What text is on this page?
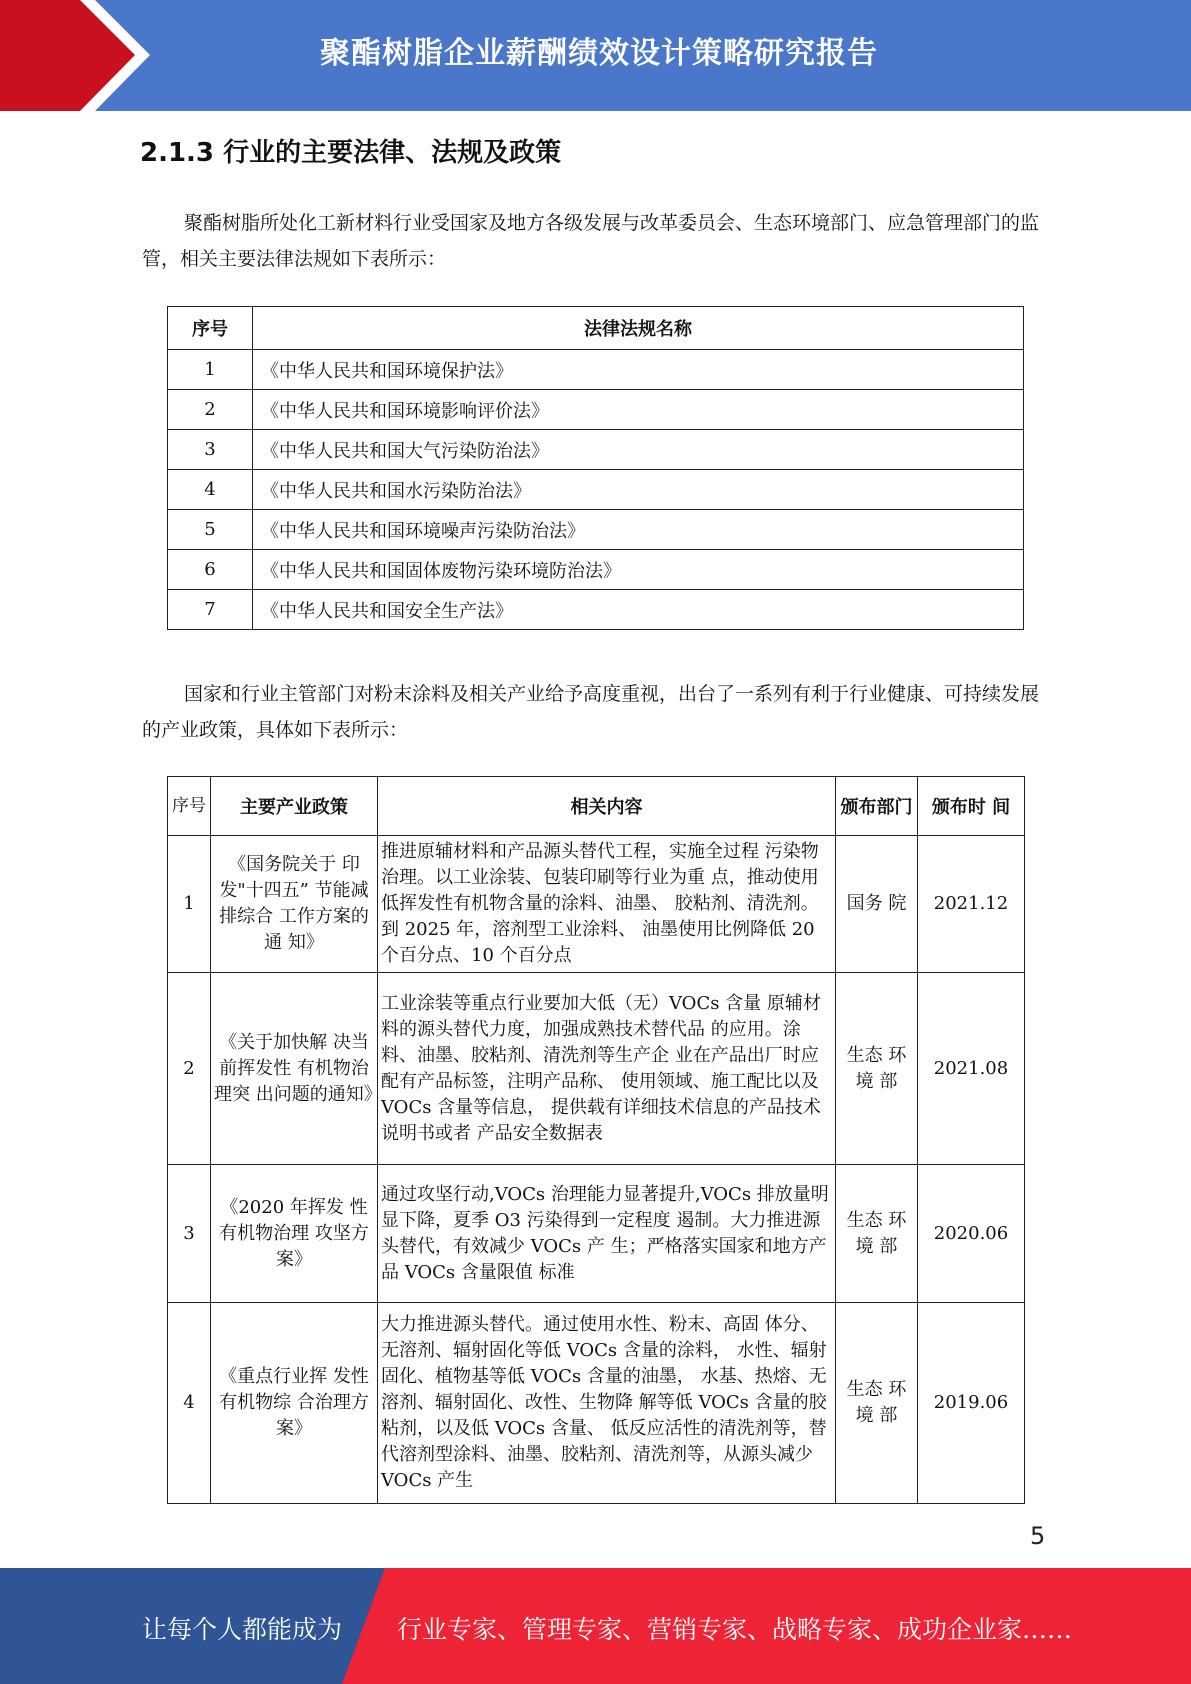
聚酯树脂企业薪酬绩效设计策略研究报告
2.1.3 行业的主要法律、法规及政策

聚酯树脂所处化工新材料行业受国家及地方各级发展与改革委员会、生态环境部门、应急管理部门的监管，相关主要法律法规如下表所示：

序号	法律法规名称
1	《中华人民共和国环境保护法》
2	《中华人民共和国环境影响评价法》
3	《中华人民共和国大气污染防治法》
4	《中华人民共和国水污染防治法》
5	《中华人民共和国环境噪声污染防治法》
6	《中华人民共和国固体废物污染环境防治法》
7	《中华人民共和国安全生产法》

国家和行业主管部门对粉末涂料及相关产业给予高度重视，出台了一系列有利于行业健康、可持续发展的产业政策，具体如下表所示：

序号	主要产业政策	相关内容	颁布部门	颁布时 间
1	《国务院关于 印发"十四五” 节能减排综合 工作方案的通 知》	推进原辅材料和产品源头替代工程，实施全过程 污染物治理。以工业涂装、包装印刷等行业为重 点，推动使用低挥发性有机物含量的涂料、油墨、 胶粘剂、清洗剂。到 2025 年，溶剂型工业涂料、 油墨使用比例降低 20 个百分点、10 个百分点	国务 院	2021.12
2	《关于加快解 决当前挥发性 有机物治理突 出问题的通知》	工业涂装等重点行业要加大低（无）VOCs 含量 原辅材料的源头替代力度，加强成熟技术替代品 的应用。涂料、油墨、胶粘剂、清洗剂等生产企 业在产品出厂时应配有产品标签，注明产品称、 使用领域、施工配比以及 VOCs 含量等信息， 提供载有详细技术信息的产品技术说明书或者 产品安全数据表	生态 环境 部	2021.08
3	《2020 年挥发 性有机物治理 攻坚方案》	通过攻坚行动,VOCs 治理能力显著提升,VOCs 排放量明显下降，夏季 O3 污染得到一定程度 遏制。大力推进源头替代，有效减少 VOCs 产 生；严格落实国家和地方产品 VOCs 含量限值 标准	生态 环境 部	2020.06
4	《重点行业挥 发性有机物综 合治理方案》	大力推进源头替代。通过使用水性、粉末、高固 体分、无溶剂、辐射固化等低 VOCs 含量的涂料， 水性、辐射固化、植物基等低 VOCs 含量的油墨， 水基、热熔、无溶剂、辐射固化、改性、生物降 解等低 VOCs 含量的胶粘剂，以及低 VOCs 含量、 低反应活性的清洗剂等，替代溶剂型涂料、油墨、胶粘剂、清洗剂等，从源头减少 VOCs 产生	生态 环境 部	2019.06
5
让每个人都能成为 行业专家、管理专家、营销专家、战略专家、成功企业家……
